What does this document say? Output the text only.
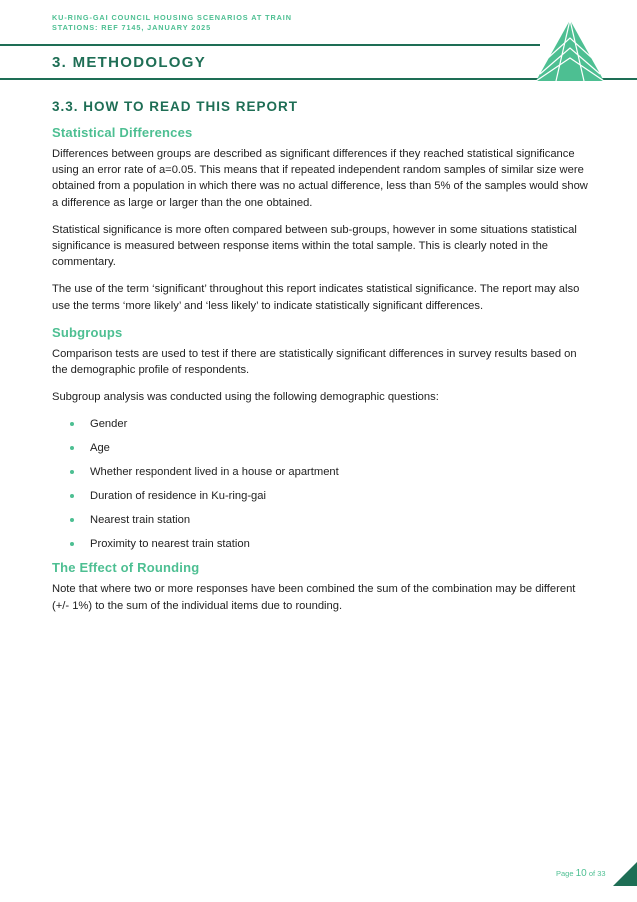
KU-RING-GAI COUNCIL HOUSING SCENARIOS AT TRAIN
STATIONS: REF 7145, JANUARY 2025
3. METHODOLOGY
3.3. HOW TO READ THIS REPORT
Statistical Differences

Differences between groups are described as significant differences if they reached statistical significance using an error rate of a=0.05. This means that if repeated independent random samples of similar size were obtained from a population in which there was no actual difference, less than 5% of the samples would show a difference as large or larger than the one obtained.

Statistical significance is more often compared between sub-groups, however in some situations statistical significance is measured between response items within the total sample. This is clearly noted in the commentary.

The use of the term ‘significant’ throughout this report indicates statistical significance. The report may also use the terms ‘more likely’ and ‘less likely’ to indicate statistically significant differences.

Subgroups

Comparison tests are used to test if there are statistically significant differences in survey results based on the demographic profile of respondents.

Subgroup analysis was conducted using the following demographic questions:

Gender
Age
Whether respondent lived in a house or apartment
Duration of residence in Ku-ring-gai
Nearest train station
Proximity to nearest train station
The Effect of Rounding

Note that where two or more responses have been combined the sum of the combination may be different (+/- 1%) to the sum of the individual items due to rounding.

Page 10 of 33
